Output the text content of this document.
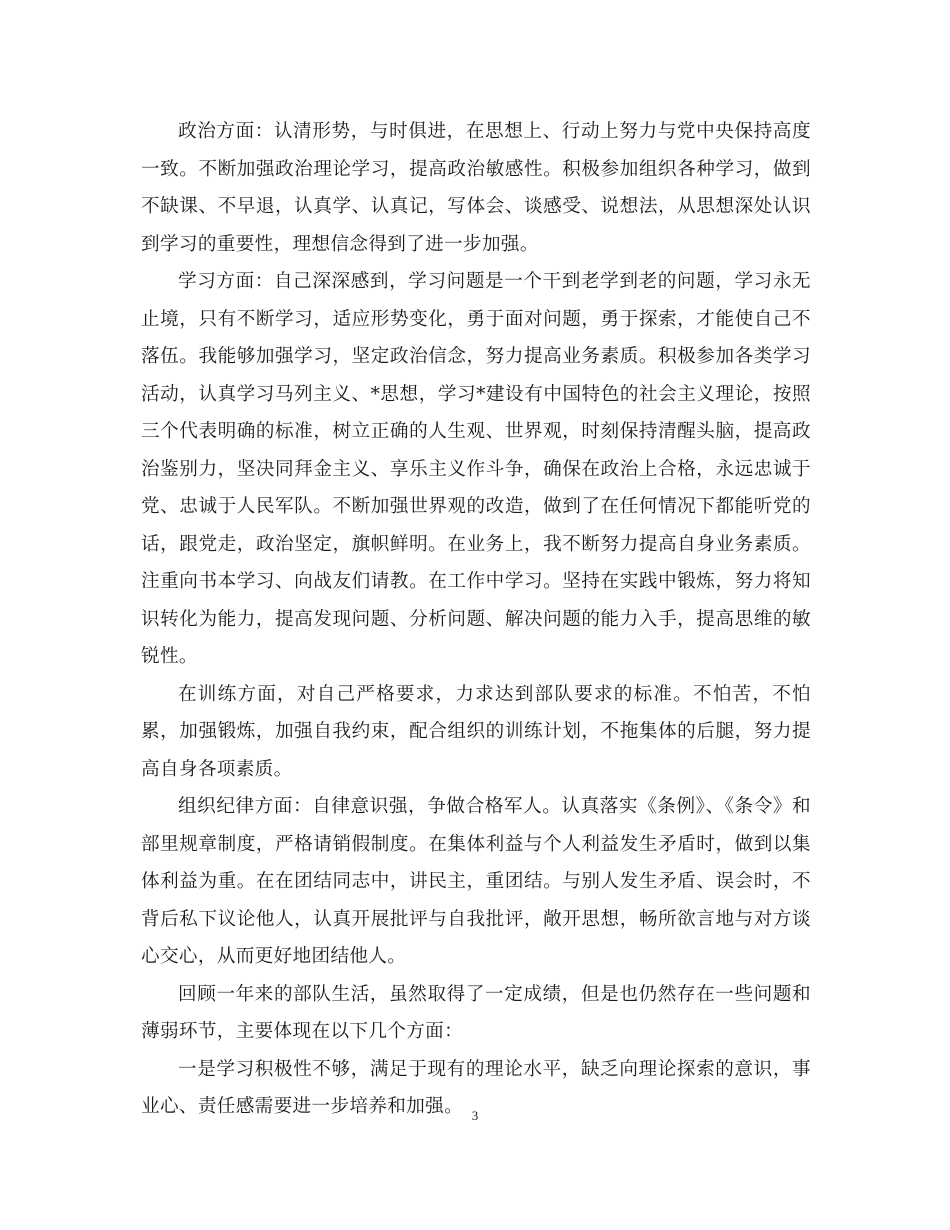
政治方面：认清形势，与时俱进，在思想上、行动上努力与党中央保持高度一致。不断加强政治理论学习，提高政治敏感性。积极参加组织各种学习，做到不缺课、不早退，认真学、认真记，写体会、谈感受、说想法，从思想深处认识到学习的重要性，理想信念得到了进一步加强。

学习方面：自己深深感到，学习问题是一个干到老学到老的问题，学习永无止境，只有不断学习，适应形势变化，勇于面对问题，勇于探索，才能使自己不落伍。我能够加强学习，坚定政治信念，努力提高业务素质。积极参加各类学习活动，认真学习马列主义、*思想，学习*建设有中国特色的社会主义理论，按照三个代表明确的标准，树立正确的人生观、世界观，时刻保持清醒头脑，提高政治鉴别力，坚决同拜金主义、享乐主义作斗争，确保在政治上合格，永远忠诚于党、忠诚于人民军队。不断加强世界观的改造，做到了在任何情况下都能听党的话，跟党走，政治坚定，旗帜鲜明。在业务上，我不断努力提高自身业务素质。注重向书本学习、向战友们请教。在工作中学习。坚持在实践中锻炼，努力将知识转化为能力，提高发现问题、分析问题、解决问题的能力入手，提高思维的敏锐性。

在训练方面，对自己严格要求，力求达到部队要求的标准。不怕苦，不怕累，加强锻炼，加强自我约束，配合组织的训练计划，不拖集体的后腿，努力提高自身各项素质。

组织纪律方面：自律意识强，争做合格军人。认真落实《条例》、《条令》和部里规章制度，严格请销假制度。在集体利益与个人利益发生矛盾时，做到以集体利益为重。在在团结同志中，讲民主，重团结。与别人发生矛盾、误会时，不背后私下议论他人，认真开展批评与自我批评，敞开思想，畅所欲言地与对方谈心交心，从而更好地团结他人。

回顾一年来的部队生活，虽然取得了一定成绩，但是也仍然存在一些问题和薄弱环节，主要体现在以下几个方面：

一是学习积极性不够，满足于现有的理论水平，缺乏向理论探索的意识，事业心、责任感需要进一步培养和加强。 3
